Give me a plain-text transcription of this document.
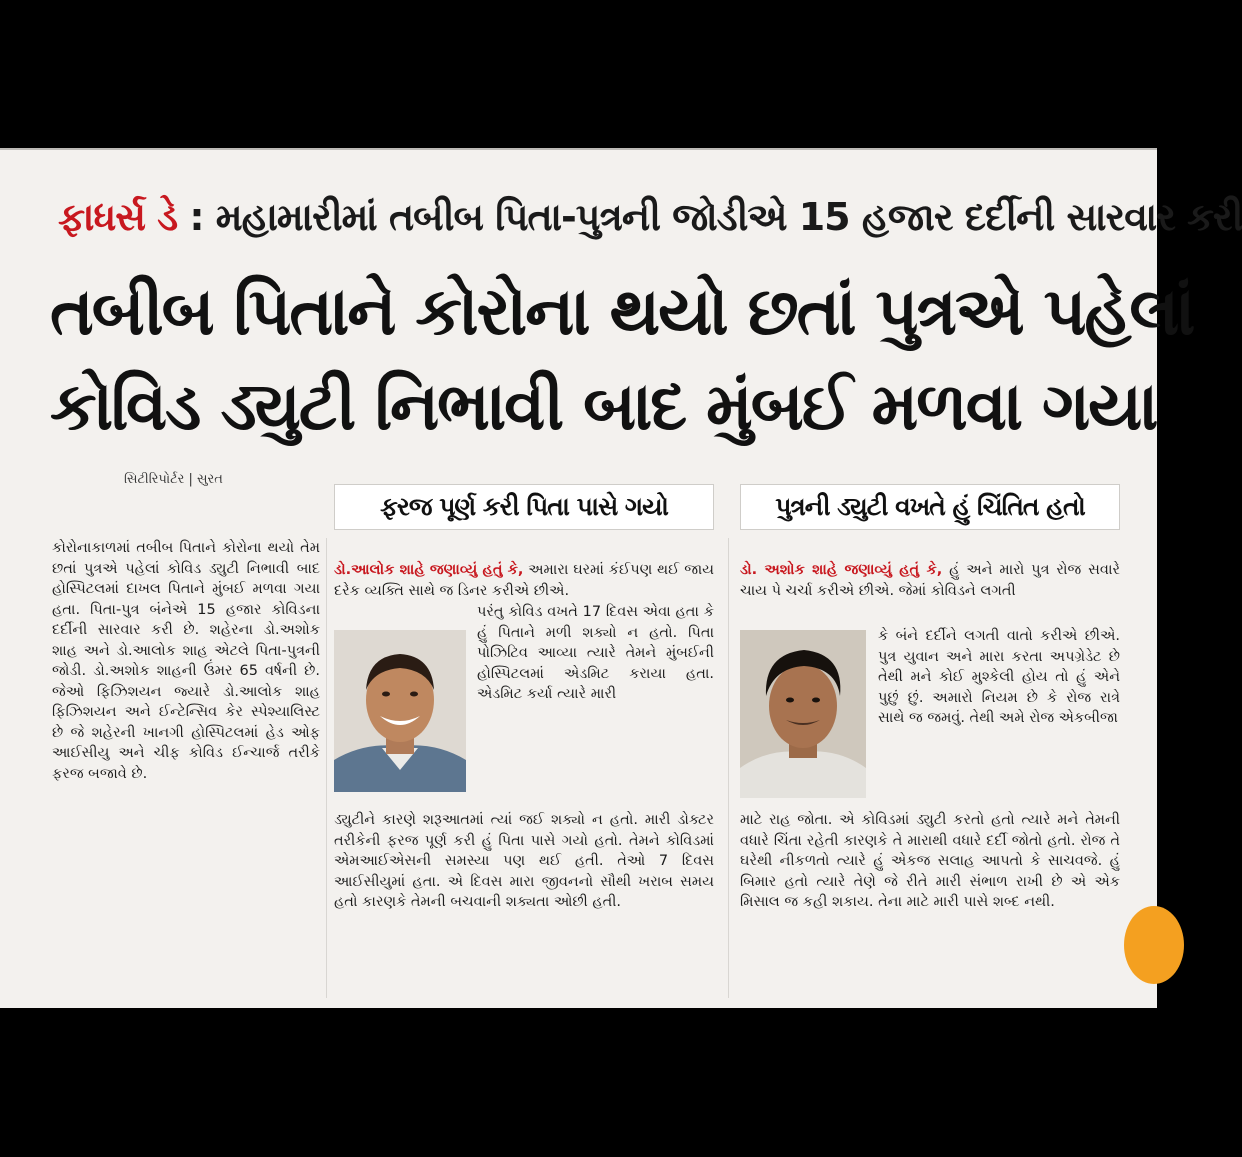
ફાધર્સ ડે : મહામારીમાં તબીબ પિતા-પુત્રની જોડીએ 15 હજાર દર્દીની સારવાર કરી
તબીબ પિતાને કોરોના થયો છતાં પુત્રએ પહેલાં
કોવિડ ડ્યુટી નિભાવી બાદ મુંબઈ મળવા ગયા
સિટીરિપોર્ટર | સુરત
ફરજ પૂર્ણ કરી પિતા પાસે ગયો	પુત્રની ડ્યુટી વખતે હું ચિંતિત હતો
કોરોનાકાળમાં તબીબ પિતાને કોરોના થયો તેમ છતાં પુત્રએ પહેલાં કોવિડ ડ્યુટી નિભાવી બાદ હોસ્પિટલમાં દાખલ પિતાને મુંબઈ મળવા ગયા હતા. પિતા-પુત્ર બંનેએ 15 હજાર કોવિડના દર્દીની સારવાર કરી છે. શહેરના ડો.અશોક શાહ અને ડો.આલોક શાહ એટલે પિતા-પુત્રની જોડી. ડો.અશોક શાહની ઉંમર 65 વર્ષની છે. જેઓ ફિઝિશયન જ્યારે ડો.આલોક શાહ ફિઝિશયન અને ઈન્ટેન્સિવ કેર સ્પેશ્યાલિસ્ટ છે જે શહેરની ખાનગી હોસ્પિટલમાં હેડ ઓફ આઈસીયુ અને ચીફ કોવિડ ઈન્ચાર્જ તરીકે ફરજ બજાવે છે.
ડો.આલોક શાહે જણાવ્યું હતું કે, અમારા ઘરમાં કંઈપણ થઈ જાય દરેક વ્યક્તિ સાથે જ ડિનર કરીએ છીએ.
પરંતુ કોવિડ વખતે 17 દિવસ એવા હતા કે હું પિતાને મળી શક્યો ન હતો. પિતા પોઝિટિવ આવ્યા ત્યારે તેમને મુંબઈની હોસ્પિટલમાં એડમિટ કરાયા હતા. એડમિટ કર્યા ત્યારે મારી
ડ્યુટીને કારણે શરૂઆતમાં ત્યાં જઈ શક્યો ન હતો. મારી ડોક્ટર તરીકેની ફરજ પૂર્ણ કરી હું પિતા પાસે ગયો હતો. તેમને કોવિડમાં એમઆઈએસની સમસ્યા પણ થઈ હતી. તેઓ 7 દિવસ આઈસીયુમાં હતા. એ દિવસ મારા જીવનનો સૌથી ખરાબ સમય હતો કારણકે તેમની બચવાની શક્યતા ઓછી હતી.
ડો. અશોક શાહે જણાવ્યું હતું કે, હું અને મારો પુત્ર રોજ સવારે ચાય પે ચર્ચા કરીએ છીએ. જેમાં કોવિડને લગતી
કે બંને દર્દીને લગતી વાતો કરીએ છીએ. પુત્ર યુવાન અને મારા કરતા અપગ્રેડેટ છે તેથી મને કોઈ મુશ્કેલી હોય તો હું એને પુછું છું. અમારો નિયમ છે કે રોજ રાત્રે સાથે જ જમવું. તેથી અમે રોજ એકબીજા
માટે રાહ જોતા. એ કોવિડમાં ડ્યુટી કરતો હતો ત્યારે મને તેમની વધારે ચિંતા રહેતી કારણકે તે મારાથી વધારે દર્દી જોતો હતો. રોજ તે ઘરેથી નીકળતો ત્યારે હું એકજ સલાહ આપતો કે સાચવજે. હું બિમાર હતો ત્યારે તેણે જે રીતે મારી સંભાળ રાખી છે એ એક મિસાલ જ કહી શકાય. તેના માટે મારી પાસે શબ્દ નથી.
